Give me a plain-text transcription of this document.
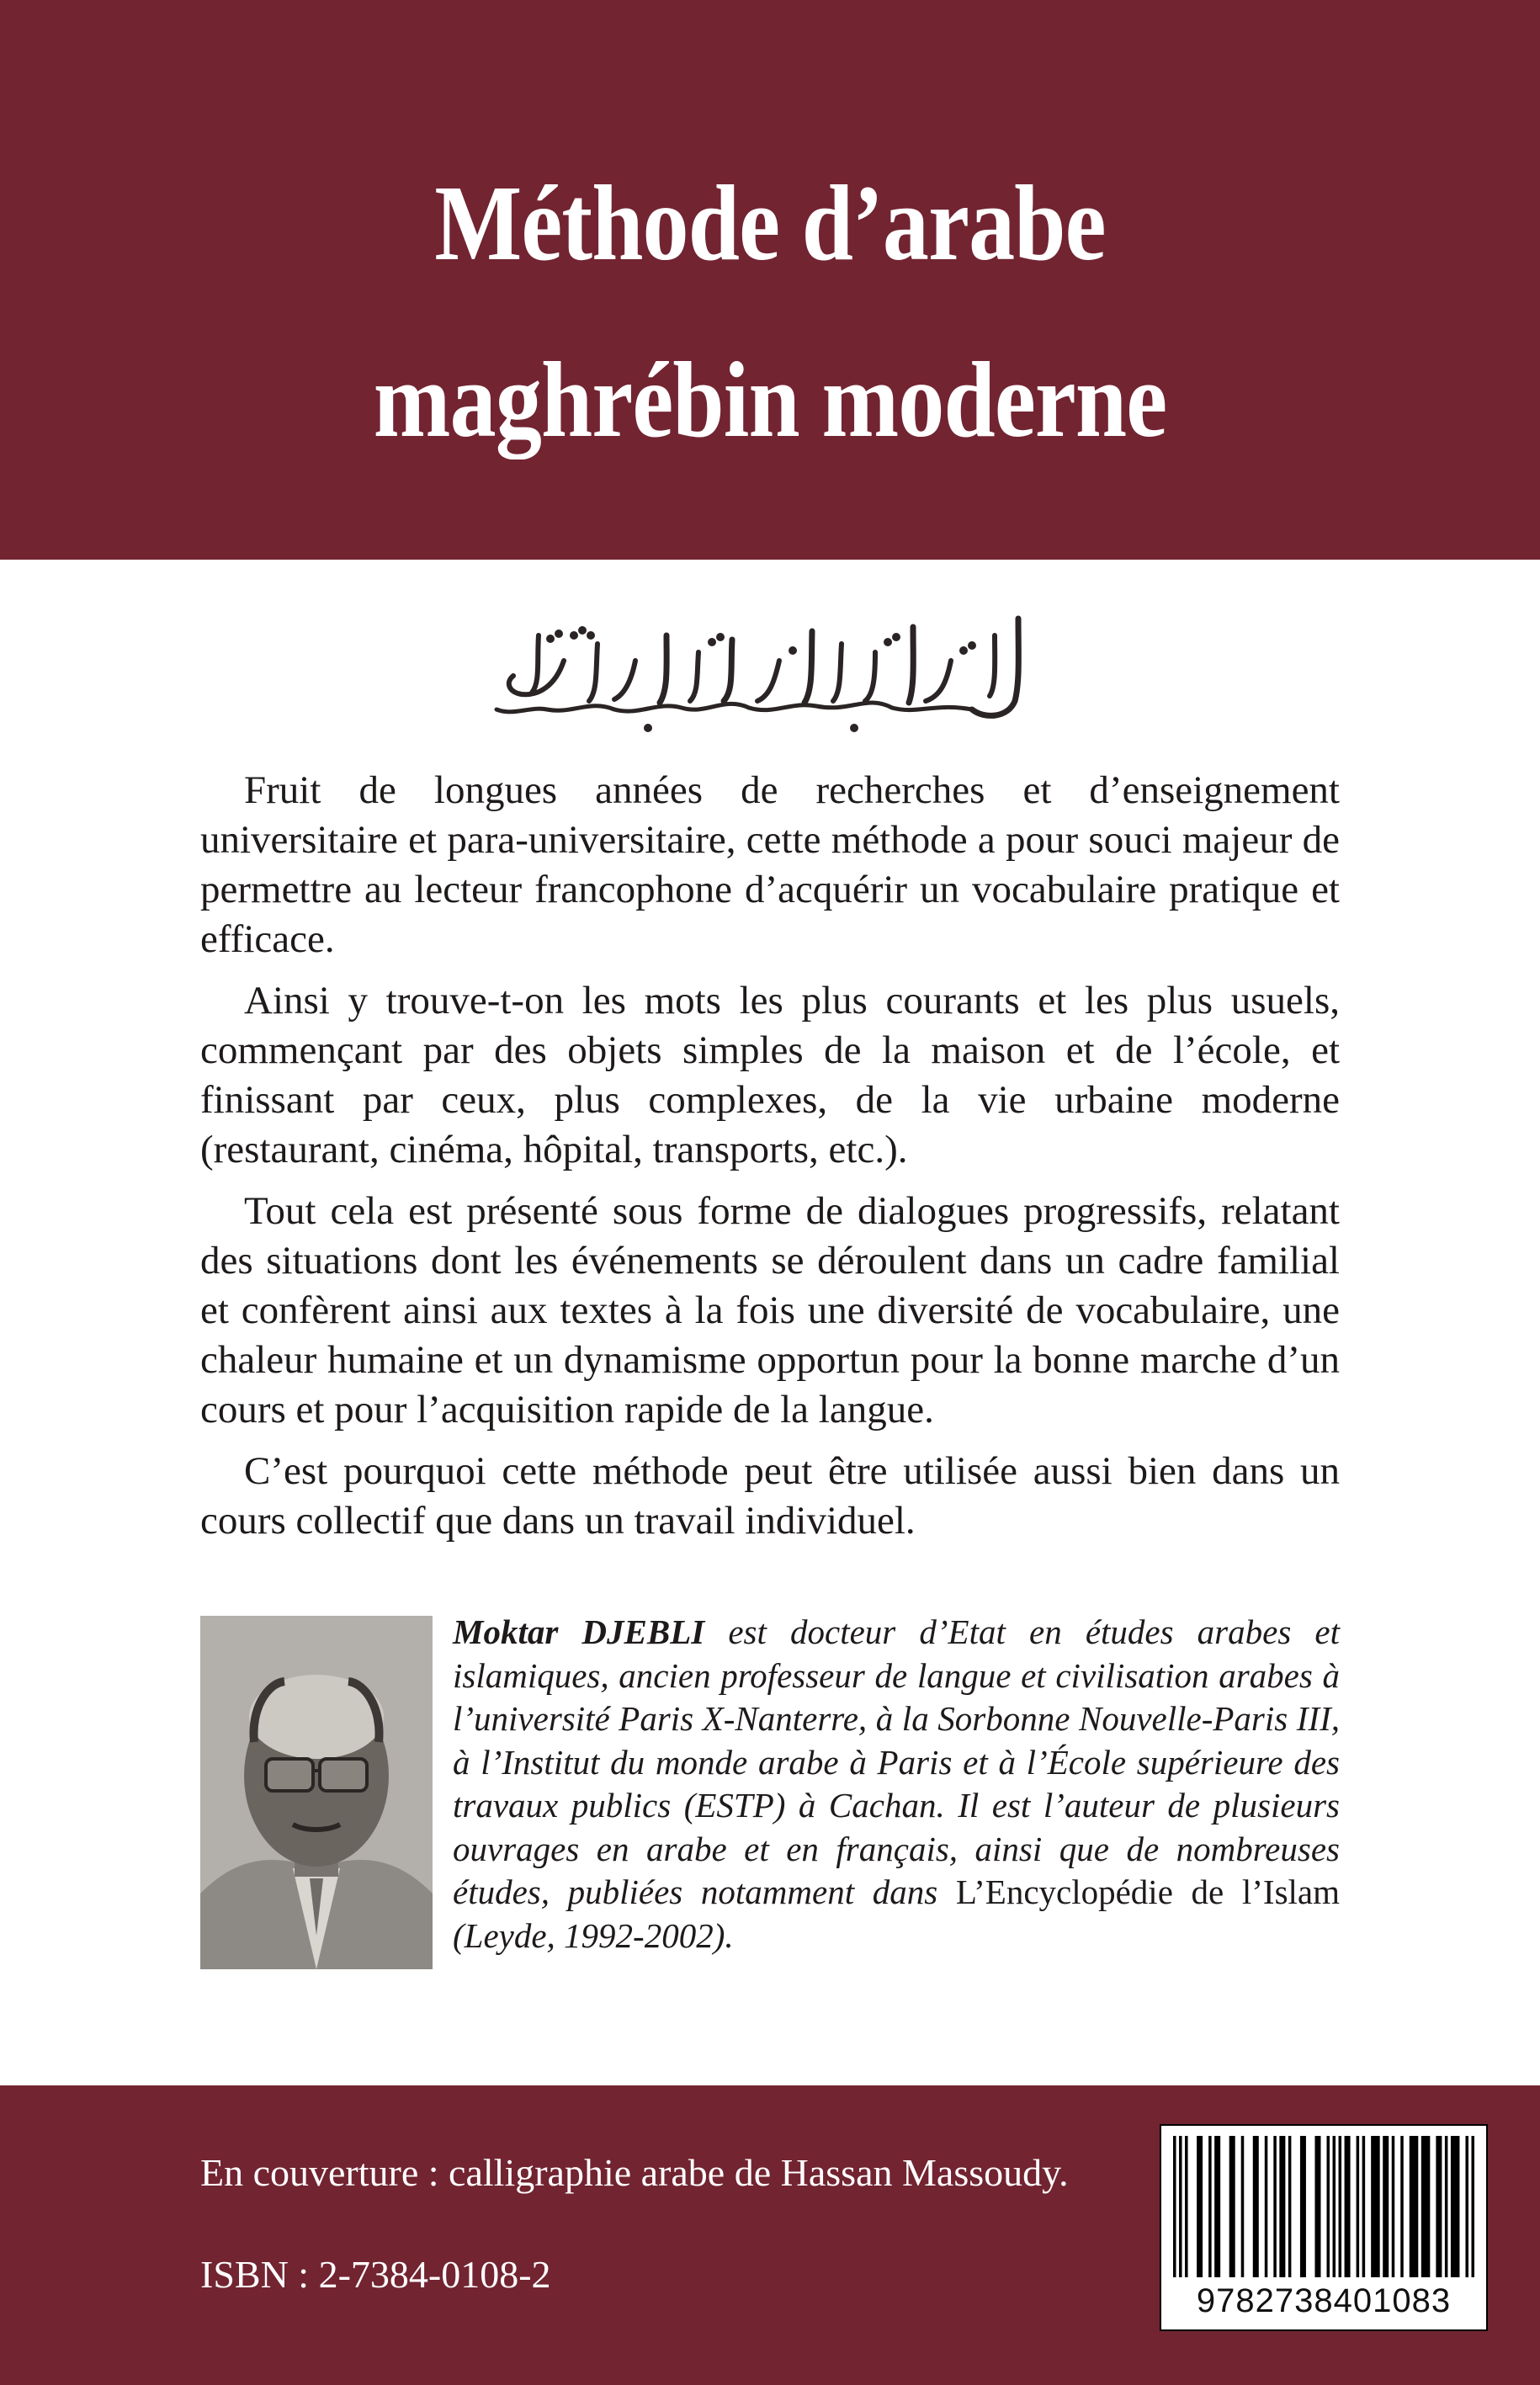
Méthode d’arabe
maghrébin moderne

Fruit de longues années de recherches et d’enseignement universitaire et para-universitaire, cette méthode a pour souci majeur de permettre au lecteur francophone d’acquérir un vocabulaire pratique et efficace.

Ainsi y trouve-t-on les mots les plus courants et les plus usuels, commençant par des objets simples de la maison et de l’école, et finissant par ceux, plus complexes, de la vie urbaine moderne (restaurant, cinéma, hôpital, transports, etc.).

Tout cela est présenté sous forme de dialogues progressifs, relatant des situations dont les événements se déroulent dans un cadre familial et confèrent ainsi aux textes à la fois une diversité de vocabulaire, une chaleur humaine et un dynamisme opportun pour la bonne marche d’un cours et pour l’acquisition rapide de la langue.

C’est pourquoi cette méthode peut être utilisée aussi bien dans un cours collectif que dans un travail individuel.

Moktar DJEBLI est docteur d’Etat en études arabes et islamiques, ancien professeur de langue et civilisation arabes à l’université Paris X-Nanterre, à la Sorbonne Nouvelle-Paris III, à l’Institut du monde arabe à Paris et à l’École supérieure des travaux publics (ESTP) à Cachan. Il est l’auteur de plusieurs ouvrages en arabe et en français, ainsi que de nombreuses études, publiées notamment dans L’Encyclopédie de l’Islam (Leyde, 1992-2002).
En couverture : calligraphie arabe de Hassan Massoudy.
ISBN : 2-7384-0108-2
9782738401083
